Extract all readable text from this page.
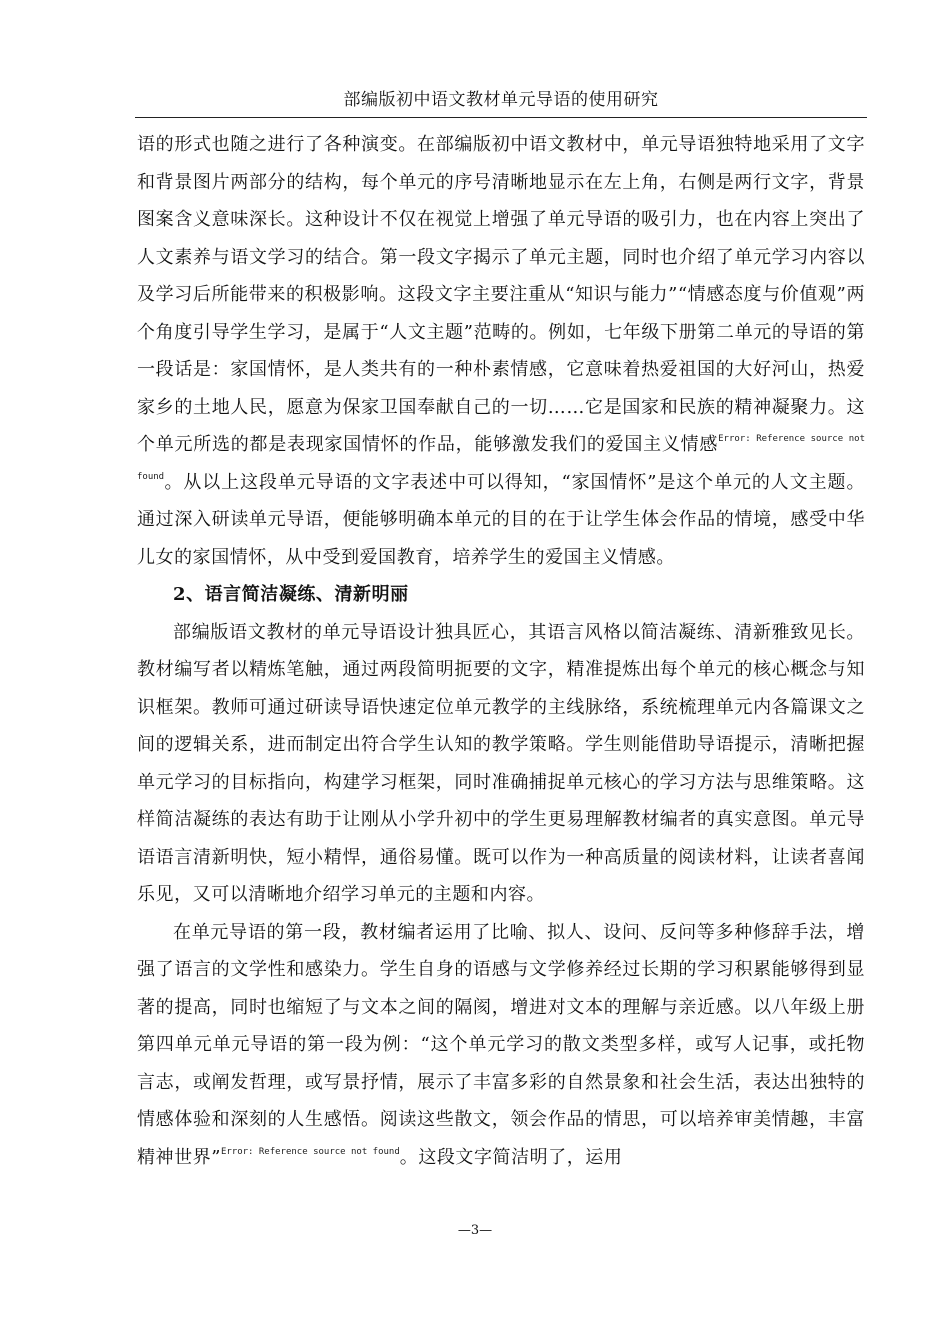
部编版初中语文教材单元导语的使用研究

语的形式也随之进行了各种演变。在部编版初中语文教材中，单元导语独特地采用了文字和背景图片两部分的结构，每个单元的序号清晰地显示在左上角，右侧是两行文字，背景图案含义意味深长。这种设计不仅在视觉上增强了单元导语的吸引力，也在内容上突出了人文素养与语文学习的结合。第一段文字揭示了单元主题，同时也介绍了单元学习内容以及学习后所能带来的积极影响。这段文字主要注重从“知识与能力”“情感态度与价值观”两个角度引导学生学习，是属于“人文主题”范畴的。例如，七年级下册第二单元的导语的第一段话是：家国情怀，是人类共有的一种朴素情感，它意味着热爱祖国的大好河山，热爱家乡的土地人民，愿意为保家卫国奉献自己的一切……它是国家和民族的精神凝聚力。这个单元所选的都是表现家国情怀的作品，能够激发我们的爱国主义情感$^{Error: Reference source not found}$。从以上这段单元导语的文字表述中可以得知，“家国情怀”是这个单元的人文主题。通过深入研读单元导语，便能够明确本单元的目的在于让学生体会作品的情境，感受中华儿女的家国情怀，从中受到爱国教育，培养学生的爱国主义情感。

2、语言简洁凝练、清新明丽

部编版语文教材的单元导语设计独具匠心，其语言风格以简洁凝练、清新雅致见长。教材编写者以精炼笔触，通过两段简明扼要的文字，精准提炼出每个单元的核心概念与知识框架。教师可通过研读导语快速定位单元教学的主线脉络，系统梳理单元内各篇课文之间的逻辑关系，进而制定出符合学生认知的教学策略。学生则能借助导语提示，清晰把握单元学习的目标指向，构建学习框架，同时准确捕捉单元核心的学习方法与思维策略。这样简洁凝练的表达有助于让刚从小学升初中的学生更易理解教材编者的真实意图。单元导语语言清新明快，短小精悍，通俗易懂。既可以作为一种高质量的阅读材料，让读者喜闻乐见，又可以清晰地介绍学习单元的主题和内容。

在单元导语的第一段，教材编者运用了比喻、拟人、设问、反问等多种修辞手法，增强了语言的文学性和感染力。学生自身的语感与文学修养经过长期的学习积累能够得到显著的提高，同时也缩短了与文本之间的隔阂，增进对文本的理解与亲近感。以八年级上册第四单元单元导语的第一段为例：“这个单元学习的散文类型多样，或写人记事，或托物言志，或阐发哲理，或写景抒情，展示了丰富多彩的自然景象和社会生活，表达出独特的情感体验和深刻的人生感悟。阅读这些散文，领会作品的情思，可以培养审美情趣，丰富精神世界”$^{Error: Reference source not found}$。这段文字简洁明了，运用

—3—
